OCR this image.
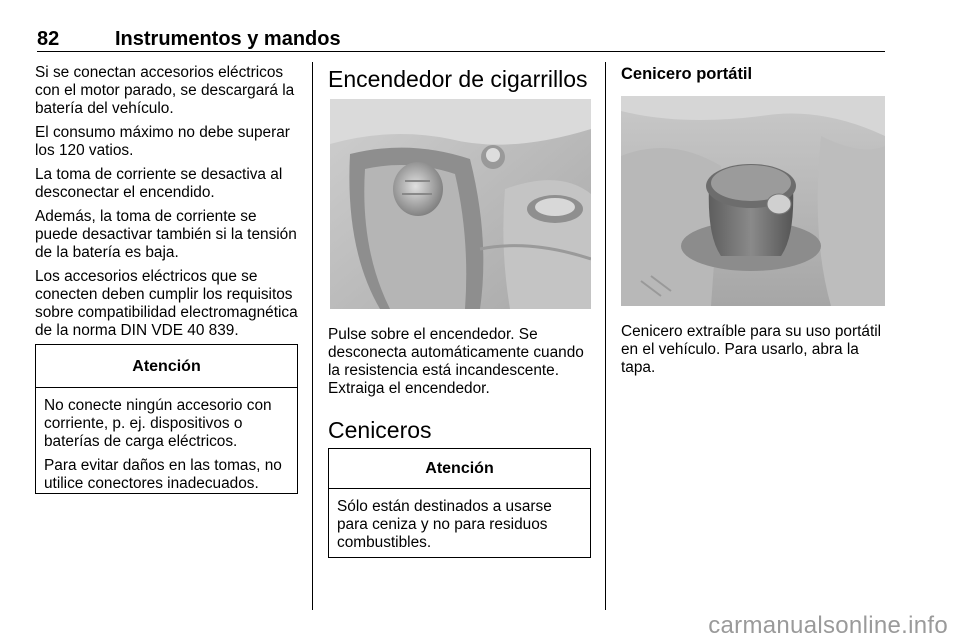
82	Instrumentos y mandos

Si se conectan accesorios eléctricos con el motor parado, se descargará la batería del vehículo.

El consumo máximo no debe superar los 120 vatios.

La toma de corriente se desactiva al desconectar el encendido.

Además, la toma de corriente se puede desactivar también si la tensión de la batería es baja.

Los accesorios eléctricos que se conecten deben cumplir los requisitos sobre compatibilidad electromagnética de la norma DIN VDE 40 839.

Atención

No conecte ningún accesorio con corriente, p. ej. dispositivos o baterías de carga eléctricos.

Para evitar daños en las tomas, no utilice conectores inadecuados.

Encendedor de cigarrillos

Pulse sobre el encendedor. Se desconecta automáticamente cuando la resistencia está incandescente. Extraiga el encendedor.

Ceniceros
Atención

Sólo están destinados a usarse para ceniza y no para residuos combustibles.

Cenicero portátil

Cenicero extraíble para su uso portátil en el vehículo. Para usarlo, abra la tapa.

carmanualsonline.info
